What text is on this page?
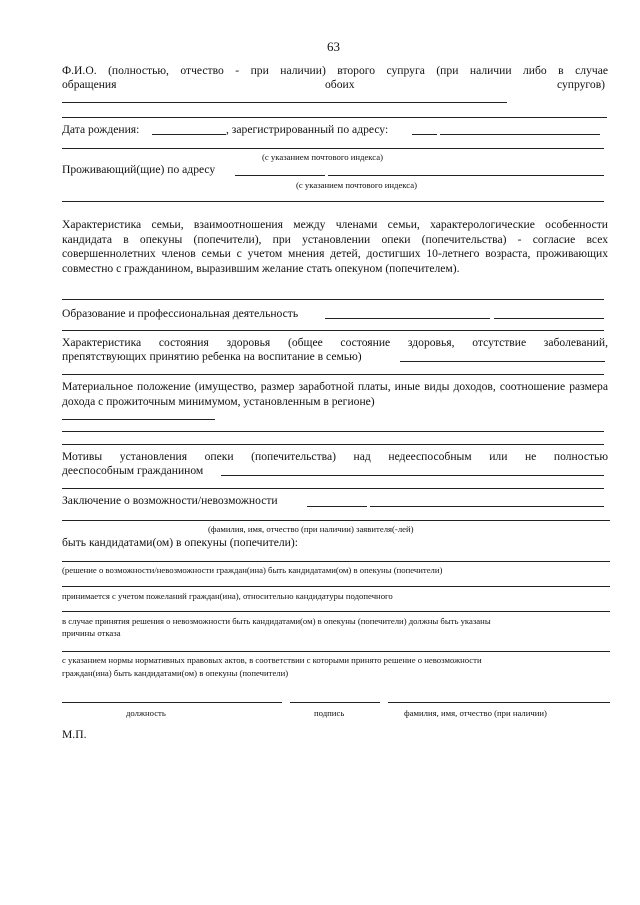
63
Ф.И.О. (полностью, отчество - при наличии) второго супруга (при наличии либо в случае
обращения	обоих	супругов)
Дата рождения:	, зарегистрированный по адресу:
(с указанием почтового индекса)
Проживающий(щие) по адресу
(с указанием почтового индекса)
Характеристика семьи, взаимоотношения между членами семьи, характерологические особенности кандидата в опекуны (попечители), при установлении опеки (попечительства) - согласие всех совершеннолетних членов семьи с учетом мнения детей, достигших 10-летнего возраста, проживающих совместно с гражданином, выразившим желание стать опекуном (попечителем).
Образование и профессиональная деятельность
Характеристика состояния здоровья (общее состояние здоровья, отсутствие заболеваний,
препятствующих принятию ребенка на воспитание в семью)
Материальное положение (имущество, размер заработной платы, иные виды доходов, соотношение размера дохода с прожиточным минимумом, установленным в регионе)
Мотивы установления опеки (попечительства) над недееспособным или не полностью
дееспособным гражданином
Заключение о возможности/невозможности
(фамилия, имя, отчество (при наличии) заявителя(-лей)
быть кандидатами(ом) в опекуны (попечители):
(решение о возможности/невозможности граждан(ина) быть кандидатами(ом) в опекуны (попечители)
принимается с учетом пожеланий граждан(ина), относительно кандидатуры подопечного
в случае принятия решения о невозможности быть кандидатами(ом) в опекуны (попечители) должны быть указаны
причины отказа
с указанием нормы нормативных правовых актов, в соответствии с которыми принято решение о невозможности
граждан(ина) быть кандидатами(ом) в опекуны (попечители)
должность	подпись	фамилия, имя, отчество (при наличии)
М.П.
